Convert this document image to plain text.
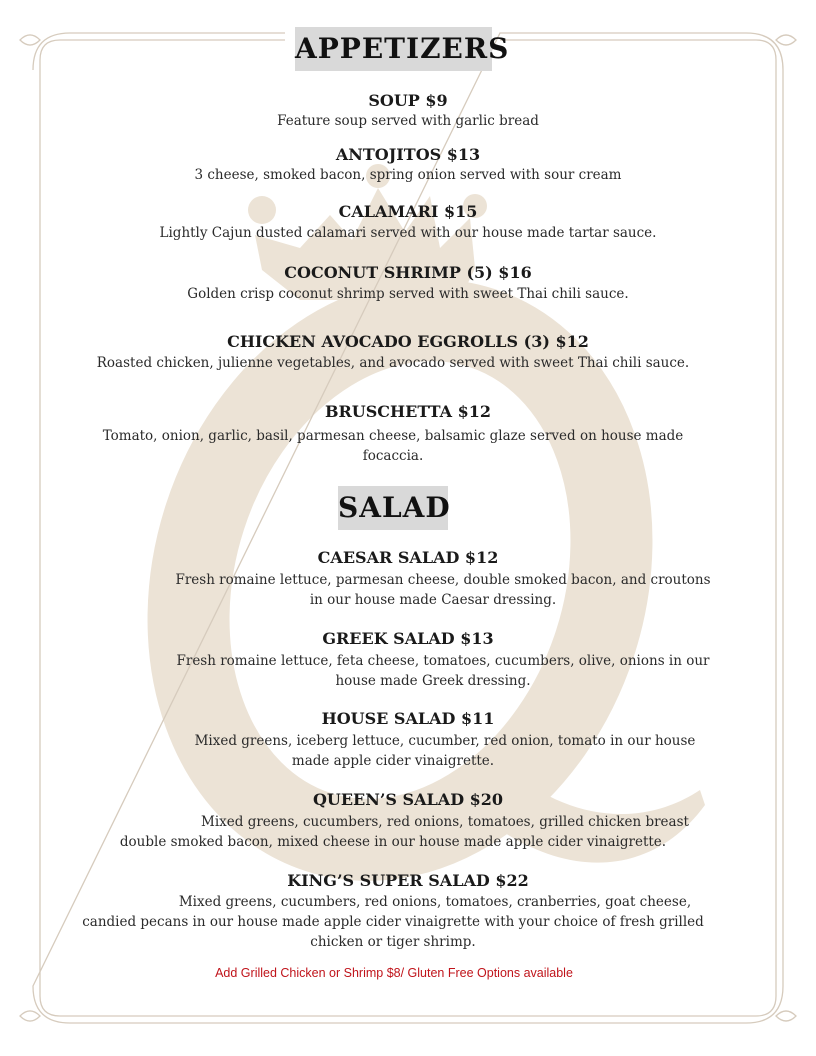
APPETIZERS
SOUP $9
Feature soup served with garlic bread
ANTOJITOS $13
3 cheese, smoked bacon, spring onion served with sour cream
CALAMARI $15
Lightly Cajun dusted calamari served with our house made tartar sauce.
COCONUT SHRIMP (5) $16
Golden crisp coconut shrimp served with sweet Thai chili sauce.
CHICKEN AVOCADO EGGROLLS (3) $12
Roasted chicken, julienne vegetables, and avocado served with sweet Thai chili sauce.
BRUSCHETTA $12
Tomato, onion, garlic, basil, parmesan cheese, balsamic glaze served on house made
focaccia.
SALAD
CAESAR SALAD $12
Fresh romaine lettuce, parmesan cheese, double smoked bacon, and croutons
in our house made Caesar dressing.
GREEK SALAD $13
Fresh romaine lettuce, feta cheese, tomatoes, cucumbers, olive, onions in our
house made Greek dressing.
HOUSE SALAD $11
Mixed greens, iceberg lettuce, cucumber, red onion, tomato in our house
made apple cider vinaigrette.
QUEEN’S SALAD $20
Mixed greens, cucumbers, red onions, tomatoes, grilled chicken breast
double smoked bacon, mixed cheese in our house made apple cider vinaigrette.
KING’S SUPER SALAD $22
Mixed greens, cucumbers, red onions, tomatoes, cranberries, goat cheese,
candied pecans in our house made apple cider vinaigrette with your choice of fresh grilled
chicken or tiger shrimp.
Add Grilled Chicken or Shrimp $8/ Gluten Free Options available
